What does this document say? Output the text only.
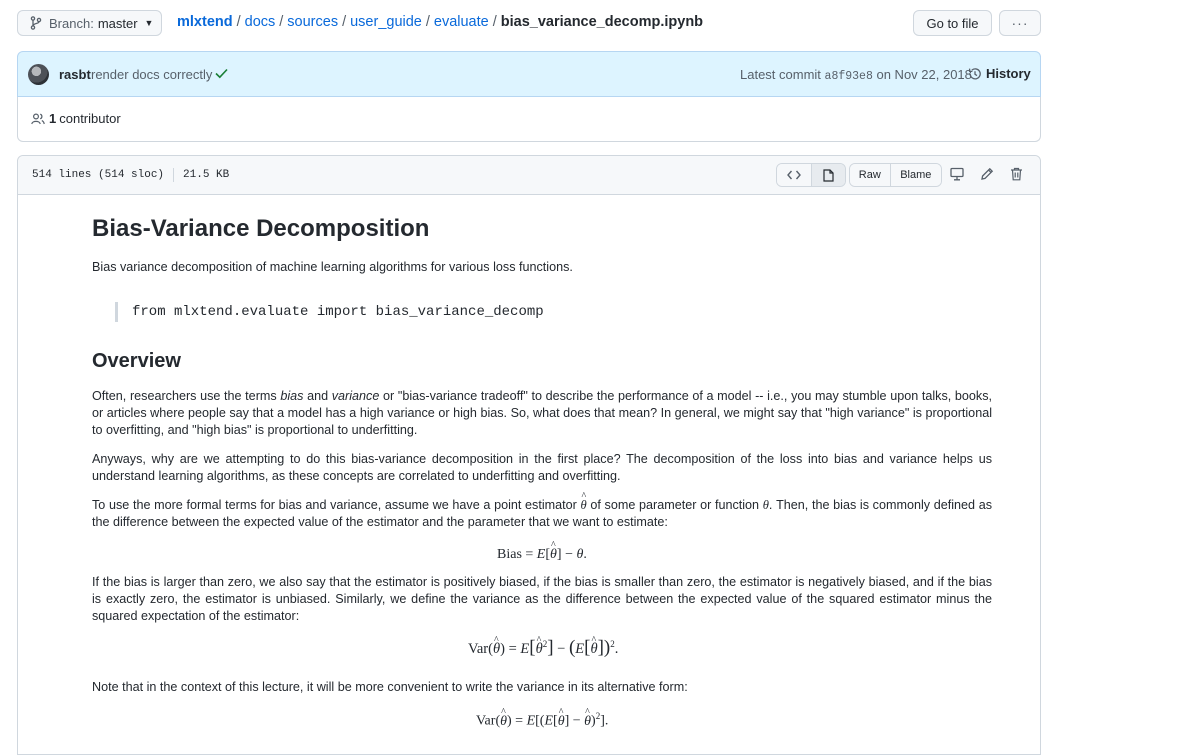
Branch: master ▼ mlxtend / docs / sources / user_guide / evaluate / bias_variance_decomp.ipynb	Go to file	···
rasbt render docs correctly	Latest commit a8f93e8 on Nov 22, 2018 History
1 contributor
514 lines (514 sloc) 21.5 KB	Raw	Blame
Bias-Variance Decomposition

Bias variance decomposition of machine learning algorithms for various loss functions.

from mlxtend.evaluate import bias_variance_decomp
Overview

Often, researchers use the terms bias and variance or "bias-variance tradeoff" to describe the performance of a model -- i.e., you may stumble upon talks, books, or articles where people say that a model has a high variance or high bias. So, what does that mean? In general, we might say that "high variance" is proportional to overfitting, and "high bias" is proportional to underfitting.

Anyways, why are we attempting to do this bias-variance decomposition in the first place? The decomposition of the loss into bias and variance helps us understand learning algorithms, as these concepts are correlated to underfitting and overfitting.

To use the more formal terms for bias and variance, assume we have a point estimator ^ θ of some parameter or function θ. Then, the bias is commonly defined as the difference between the expected value of the estimator and the parameter that we want to estimate:

Bias = E[^ θ] − θ.

If the bias is larger than zero, we also say that the estimator is positively biased, if the bias is smaller than zero, the estimator is negatively biased, and if the bias is exactly zero, the estimator is unbiased. Similarly, we define the variance as the difference between the expected value of the squared estimator minus the squared expectation of the estimator:

Var(^ θ) = E[^ $\theta^2$] − (E[^ θ])$^2$.

Note that in the context of this lecture, it will be more convenient to write the variance in its alternative form:

Var(^ θ) = E[(E[^ θ] − ^ θ)$^2$].
